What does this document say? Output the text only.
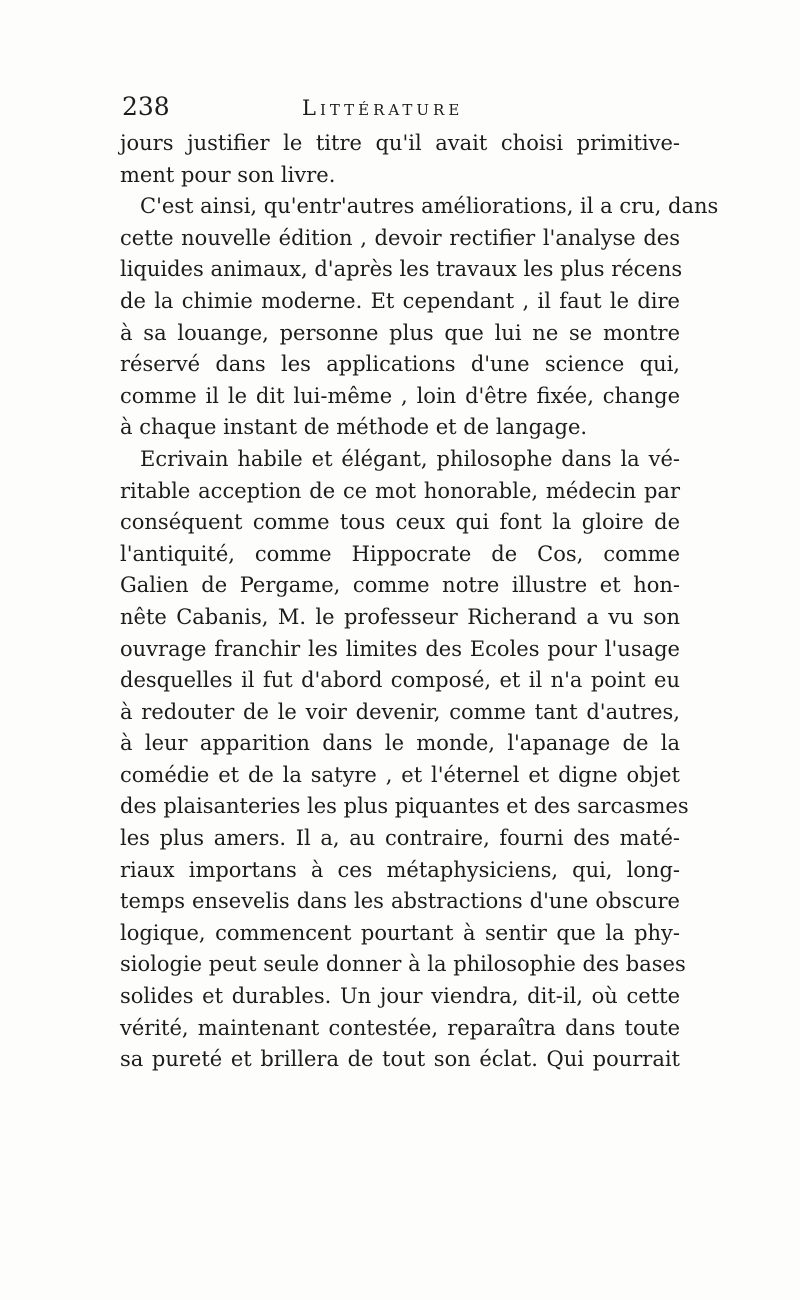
238	Littérature
jours justifier le titre qu'il avait choisi primitive-
ment pour son livre.
C'est ainsi, qu'entr'autres améliorations, il a cru, dans
cette nouvelle édition , devoir rectifier l'analyse des
liquides animaux, d'après les travaux les plus récens
de la chimie moderne. Et cependant , il faut le dire
à sa louange, personne plus que lui ne se montre
réservé dans les applications d'une science qui,
comme il le dit lui-même , loin d'être fixée, change
à chaque instant de méthode et de langage.
Ecrivain habile et élégant, philosophe dans la vé-
ritable acception de ce mot honorable, médecin par
conséquent comme tous ceux qui font la gloire de
l'antiquité, comme Hippocrate de Cos, comme
Galien de Pergame, comme notre illustre et hon-
nête Cabanis, M. le professeur Richerand a vu son
ouvrage franchir les limites des Ecoles pour l'usage
desquelles il fut d'abord composé, et il n'a point eu
à redouter de le voir devenir, comme tant d'autres,
à leur apparition dans le monde, l'apanage de la
comédie et de la satyre , et l'éternel et digne objet
des plaisanteries les plus piquantes et des sarcasmes
les plus amers. Il a, au contraire, fourni des maté-
riaux importans à ces métaphysiciens, qui, long-
temps ensevelis dans les abstractions d'une obscure
logique, commencent pourtant à sentir que la phy-
siologie peut seule donner à la philosophie des bases
solides et durables. Un jour viendra, dit-il, où cette
vérité, maintenant contestée, reparaîtra dans toute
sa pureté et brillera de tout son éclat. Qui pourrait
